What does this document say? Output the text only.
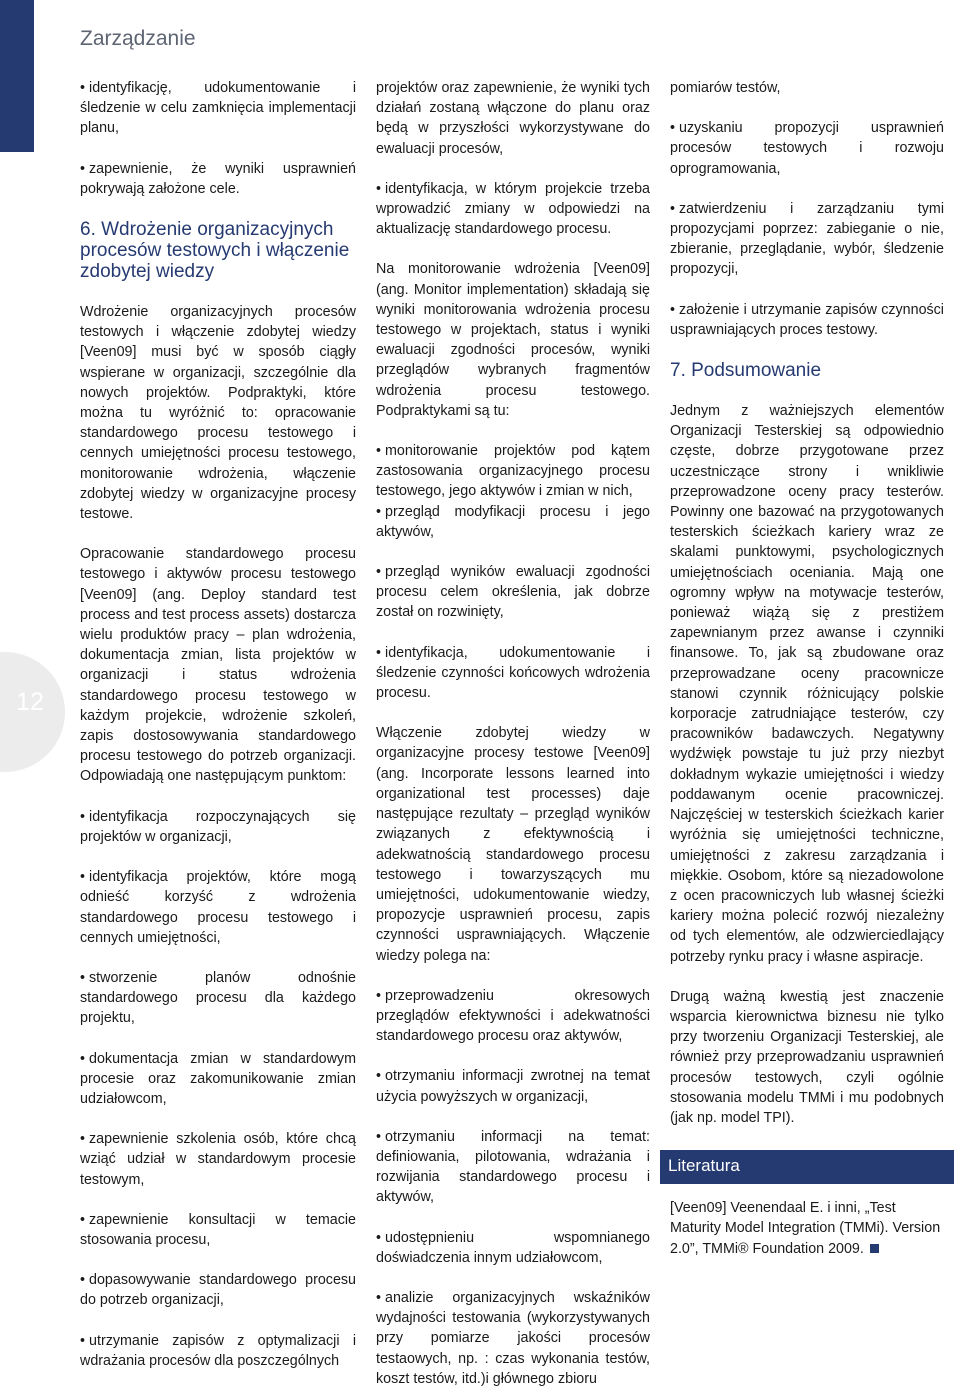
12
Zarządzanie
• identyfikację, udokumentowanie i śledzenie w celu zamknięcia implementacji planu,
• zapewnienie, że wyniki usprawnień pokrywają założone cele.
6. Wdrożenie organizacyjnych procesów testowych i włączenie zdobytej wiedzy

Wdrożenie organizacyjnych procesów testowych i włączenie zdobytej wiedzy [Veen09] musi być w sposób ciągły wspierane w organizacji, szczególnie dla nowych projektów. Podpraktyki, które można tu wyróżnić to: opracowanie standardowego procesu testowego i cennych umiejętności procesu testowego, monitorowanie wdrożenia, włączenie zdobytej wiedzy w organizacyjne procesy testowe.

Opracowanie standardowego procesu testowego i aktywów procesu testowego [Veen09] (ang. Deploy standard test process and test process assets) dostarcza wielu produktów pracy – plan wdrożenia, dokumentacja zmian, lista projektów w organizacji i status wdrożenia standardowego procesu testowego w każdym projekcie, wdrożenie szkoleń, zapis dostosowywania standardowego procesu testowego do potrzeb organizacji. Odpowiadają one następującym punktom:

• identyfikacja rozpoczynających się projektów w organizacji,
• identyfikacja projektów, które mogą odnieść korzyść z wdrożenia standardowego procesu testowego i cennych umiejętności,
• stworzenie planów odnośnie standardowego procesu dla każdego projektu,
• dokumentacja zmian w standardowym procesie oraz zakomunikowanie zmian udziałowcom,
• zapewnienie szkolenia osób, które chcą wziąć udział w standardowym procesie testowym,
• zapewnienie konsultacji w temacie stosowania procesu,
• dopasowywanie standardowego procesu do potrzeb organizacji,
• utrzymanie zapisów z optymalizacji i wdrażania procesów dla poszczególnych

projektów oraz zapewnienie, że wyniki tych działań zostaną włączone do planu oraz będą w przyszłości wykorzystywane do ewaluacji procesów,

• identyfikacja, w którym projekcie trzeba wprowadzić zmiany w odpowiedzi na aktualizację standardowego procesu.

Na monitorowanie wdrożenia [Veen09] (ang. Monitor implementation) składają się wyniki monitorowania wdrożenia procesu testowego w projektach, status i wyniki ewaluacji zgodności procesów, wyniki przeglądów wybranych fragmentów wdrożenia procesu testowego. Podpraktykami są tu:

• monitorowanie projektów pod kątem zastosowania organizacyjnego procesu testowego, jego aktywów i zmian w nich,
• przegląd modyfikacji procesu i jego aktywów,
• przegląd wyników ewaluacji zgodności procesu celem określenia, jak dobrze został on rozwinięty,
• identyfikacja, udokumentowanie i śledzenie czynności końcowych wdrożenia procesu.

Włączenie zdobytej wiedzy w organizacyjne procesy testowe [Veen09] (ang. Incorporate lessons learned into organizational test processes) daje następujące rezultaty – przegląd wyników związanych z efektywnością i adekwatnością standardowego procesu testowego i towarzyszących mu umiejętności, udokumentowanie wiedzy, propozycje usprawnień procesu, zapis czynności usprawniających. Włączenie wiedzy polega na:

• przeprowadzeniu okresowych przeglądów efektywności i adekwatności standardowego procesu oraz aktywów,
• otrzymaniu informacji zwrotnej na temat użycia powyższych w organizacji,
• otrzymaniu informacji na temat: definiowania, pilotowania, wdrażania i rozwijania standardowego procesu i aktywów,
• udostępnieniu wspomnianego doświadczenia innym udziałowcom,
• analizie organizacyjnych wskaźników wydajności testowania (wykorzystywanych przy pomiarze jakości procesów testaowych, np. : czas wykonania testów, koszt testów, itd.)i głównego zbioru

pomiarów testów,

• uzyskaniu propozycji usprawnień procesów testowych i rozwoju oprogramowania,
• zatwierdzeniu i zarządzaniu tymi propozycjami poprzez: zabieganie o nie, zbieranie, przeglądanie, wybór, śledzenie propozycji,
• założenie i utrzymanie zapisów czynności usprawniających proces testowy.
7. Podsumowanie

Jednym z ważniejszych elementów Organizacji Testerskiej są odpowiednio częste, dobrze przygotowane przez uczestniczące strony i wnikliwie przeprowadzone oceny pracy testerów. Powinny one bazować na przygotowanych testerskich ścieżkach kariery wraz ze skalami punktowymi, psychologicznych umiejętnościach oceniania. Mają one ogromny wpływ na motywacje testerów, ponieważ wiążą się z prestiżem zapewnianym przez awanse i czynniki finansowe. To, jak są zbudowane oraz przeprowadzane oceny pracownicze stanowi czynnik różnicujący polskie korporacje zatrudniające testerów, czy pracowników badawczych. Negatywny wydźwięk powstaje tu już przy niezbyt dokładnym wykazie umiejętności i wiedzy poddawanym ocenie pracowniczej. Najczęściej w testerskich ścieżkach karier wyróżnia się umiejętności techniczne, umiejętności z zakresu zarządzania i miękkie. Osobom, które są niezadowolone z ocen pracowniczych lub własnej ścieżki kariery można polecić rozwój niezależny od tych elementów, ale odzwierciedlający potrzeby rynku pracy i własne aspiracje.

Drugą ważną kwestią jest znaczenie wsparcia kierownictwa biznesu nie tylko przy tworzeniu Organizacji Testerskiej, ale również przy przeprowadzaniu usprawnień procesów testowych, czyli ogólnie stosowania modelu TMMi i mu podobnych (jak np. model TPI).

Literatura

[Veen09] Veenendaal E. i inni, „Test Maturity Model Integration (TMMi). Version 2.0”, TMMi® Foundation 2009.
